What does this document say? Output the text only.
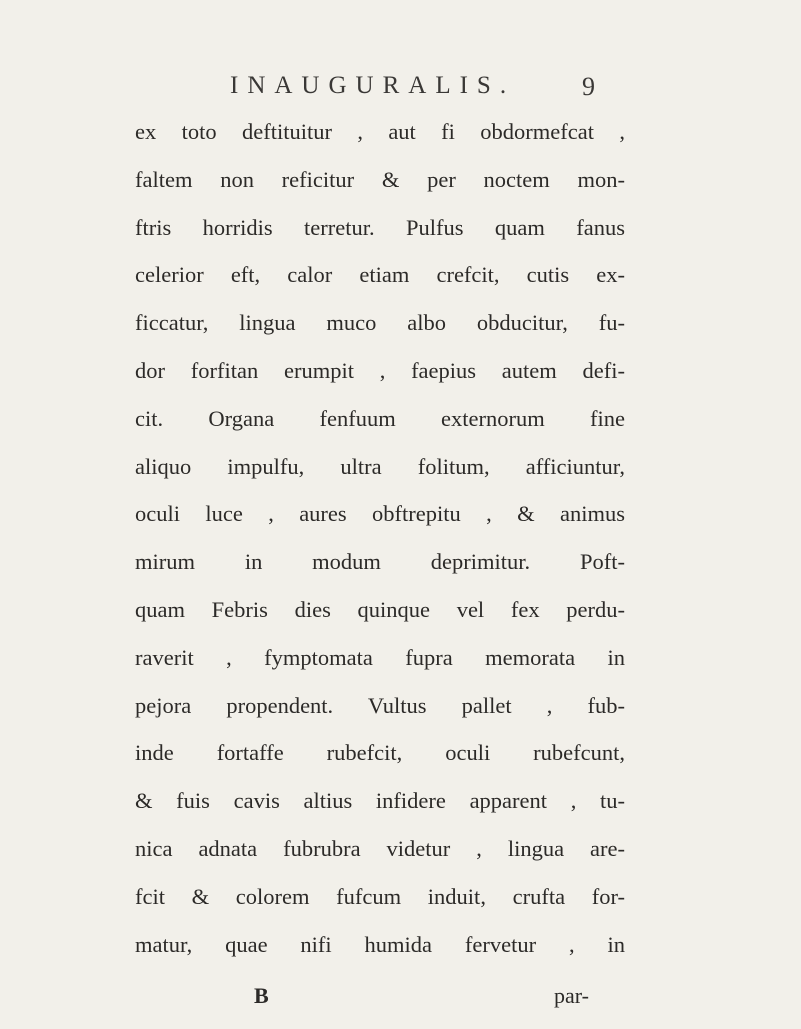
INAUGURALIS.	9
ex toto deftituitur , aut fi obdormefcat ,
faltem non reficitur & per noctem mon-
ftris horridis terretur. Pulfus quam fanus
celerior eft, calor etiam crefcit, cutis ex-
ficcatur, lingua muco albo obducitur, fu-
dor forfitan erumpit , faepius autem defi-
cit. Organa fenfuum externorum fine
aliquo impulfu, ultra folitum, afficiuntur,
oculi luce , aures obftrepitu , & animus
mirum in modum deprimitur. Poft-
quam Febris dies quinque vel fex perdu-
raverit , fymptomata fupra memorata in
pejora propendent. Vultus pallet , fub-
inde fortaffe rubefcit, oculi rubefcunt,
& fuis cavis altius infidere apparent , tu-
nica adnata fubrubra videtur , lingua are-
fcit & colorem fufcum induit, crufta for-
matur, quae nifi humida fervetur , in
B	par-
